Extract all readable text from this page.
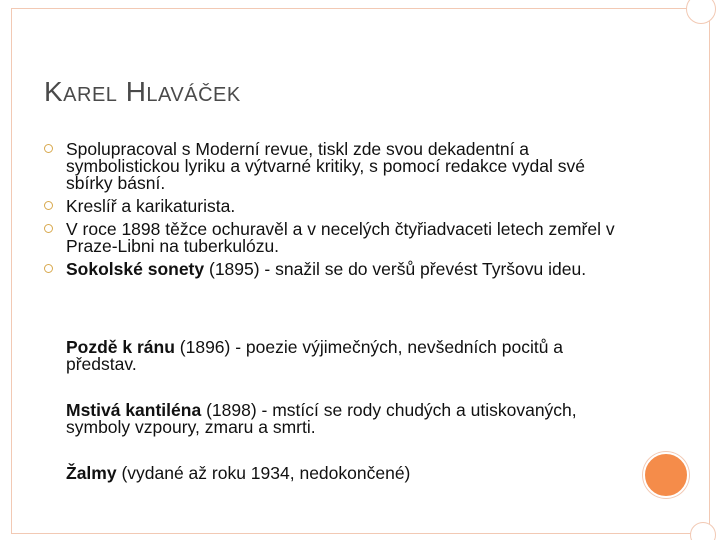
Karel Hlaváček
Spolupracoval s Moderní revue, tiskl zde svou dekadentní a symbolistickou lyriku a výtvarné kritiky, s pomocí redakce vydal své sbírky básní.
Kreslíř a karikaturista.
V roce 1898 těžce ochuravěl a v necelých čtyřiadvaceti letech zemřel v Praze-Libni na tuberkulózu.
Sokolské sonety (1895) - snažil se do veršů převést Tyršovu ideu.

Pozdě k ránu (1896) - poezie výjimečných, nevšedních pocitů a představ.

Mstivá kantiléna (1898) - mstící se rody chudých a utiskovaných, symboly vzpoury, zmaru a smrti.

Žalmy (vydané až roku 1934, nedokončené)
